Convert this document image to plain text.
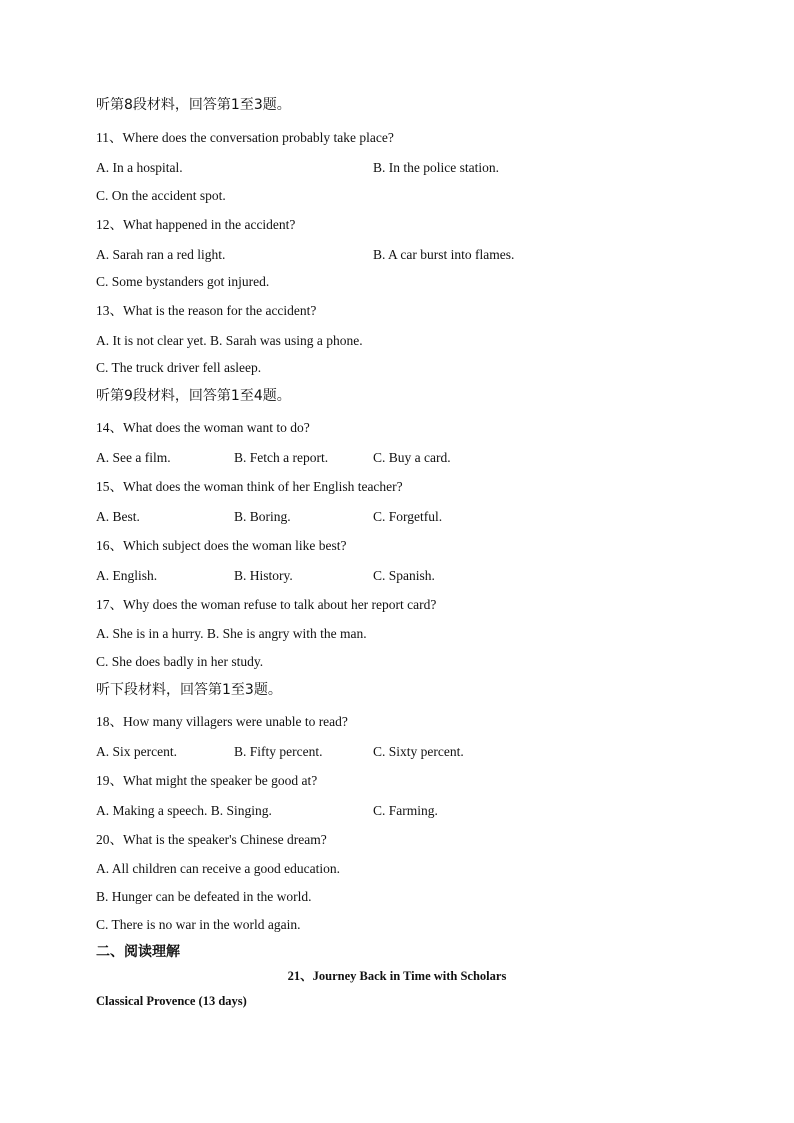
听第8段材料，回答第1至3题。
11、Where does the conversation probably take place?
A. In a hospital.	B. In the police station.
C. On the accident spot.
12、What happened in the accident?
A. Sarah ran a red light.	B. A car burst into flames.
C. Some bystanders got injured.
13、What is the reason for the accident?
A. It is not clear yet. B. Sarah was using a phone.
C. The truck driver fell asleep.
听第9段材料，回答第1至4题。
14、What does the woman want to do?
A. See a film.	B. Fetch a report.	C. Buy a card.
15、What does the woman think of her English teacher?
A. Best.	B. Boring.	C. Forgetful.
16、Which subject does the woman like best?
A. English.	B. History.	C. Spanish.
17、Why does the woman refuse to talk about her report card?
A. She is in a hurry. B. She is angry with the man.
C. She does badly in her study.
听下段材料，回答第1至3题。
18、How many villagers were unable to read?
A. Six percent.	B. Fifty percent.	C. Sixty percent.
19、What might the speaker be good at?
A. Making a speech. B. Singing.	C. Farming.
20、What is the speaker's Chinese dream?
A. All children can receive a good education.
B. Hunger can be defeated in the world.
C. There is no war in the world again.
二、阅读理解
21、Journey Back in Time with Scholars
Classical Provence (13 days)
